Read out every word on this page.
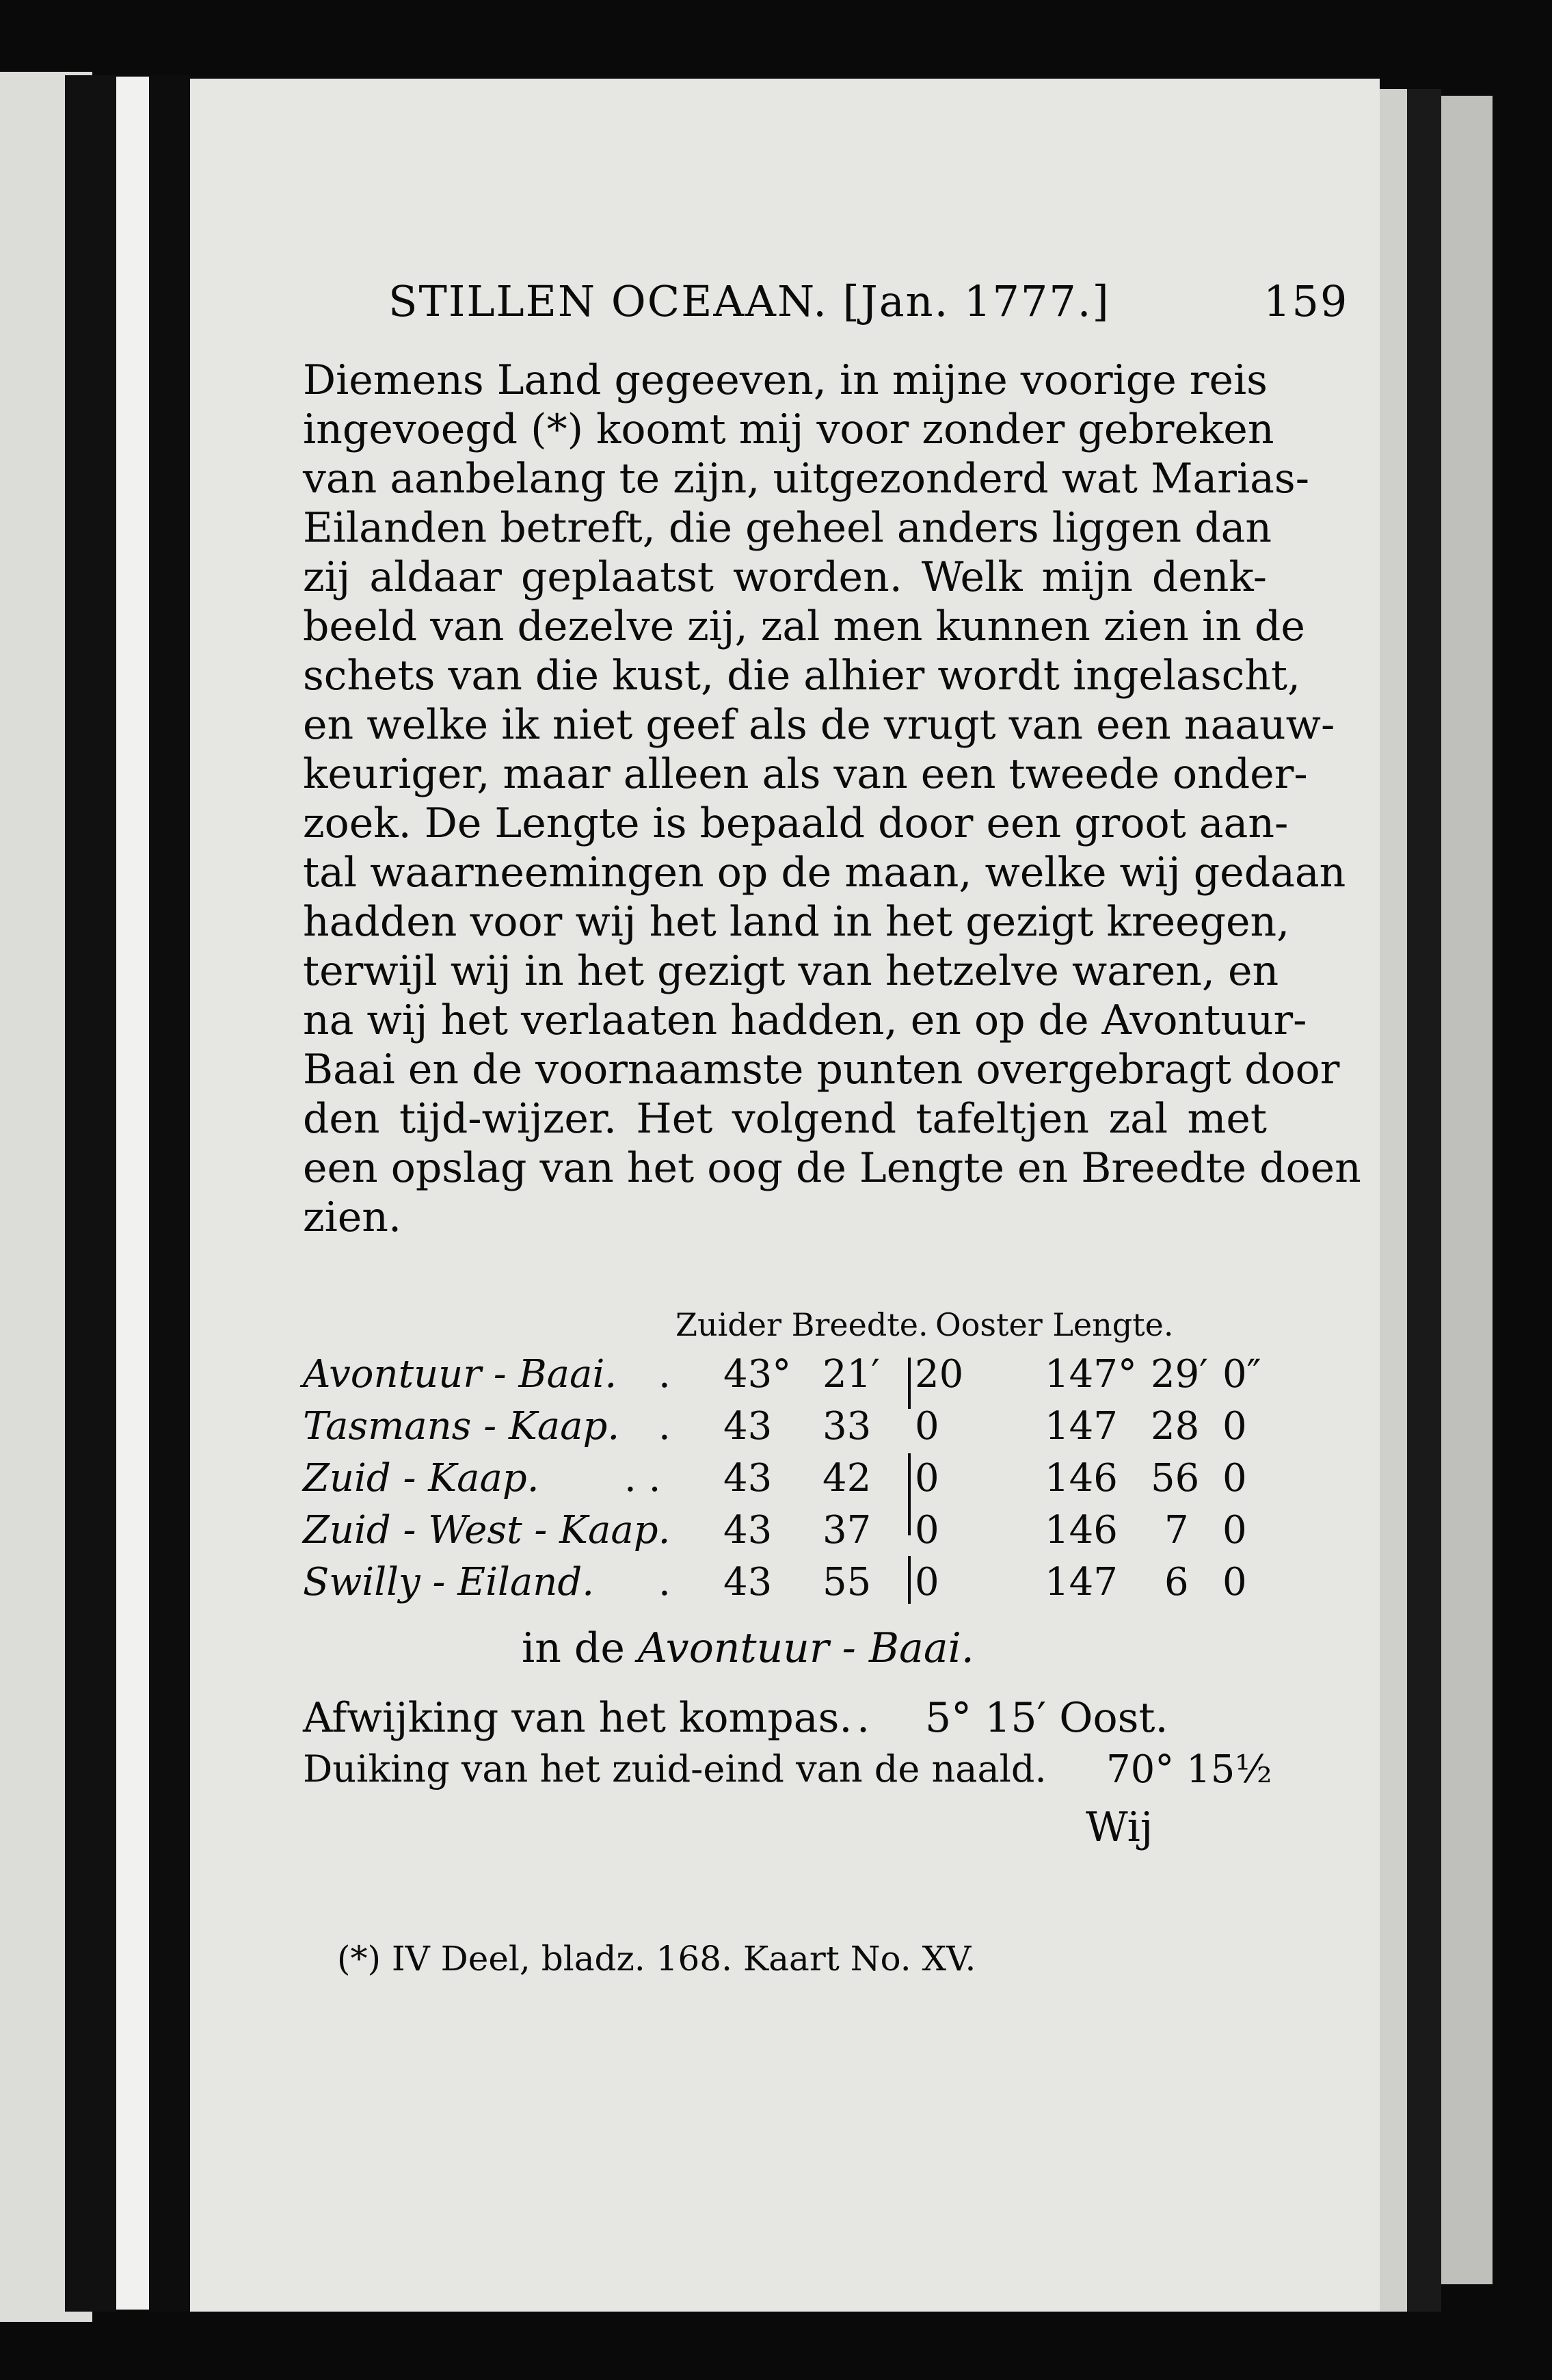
STILLEN OCEAAN. [Jan. 1777.]	159
Diemens Land gegeeven, in mijne voorige reis
ingevoegd (*) koomt mij voor zonder gebreken
van aanbelang te zijn, uitgezonderd wat Marias-
Eilanden betreft, die geheel anders liggen dan
zij aldaar geplaatst worden. Welk mijn denk-
beeld van dezelve zij, zal men kunnen zien in de
schets van die kust, die alhier wordt ingelascht,
en welke ik niet geef als de vrugt van een naauw-
keuriger, maar alleen als van een tweede onder-
zoek. De Lengte is bepaald door een groot aan-
tal waarneemingen op de maan, welke wij gedaan
hadden voor wij het land in het gezigt kreegen,
terwijl wij in het gezigt van hetzelve waren, en
na wij het verlaaten hadden, en op de Avontuur-
Baai en de voornaamste punten overgebragt door
den tijd-wijzer. Het volgend tafeltjen zal met
een opslag van het oog de Lengte en Breedte doen
zien.
Zuider Breedte. Ooster Lengte.
Avontuur - Baai. . 43° 21′ 20 147° 29′ 0″
Tasmans - Kaap. . 43 33 0	147 28 0
Zuid - Kaap. . . 43 42 0	146 56 0
Zuid - West - Kaap. 43 37 0	146 7 0
Swilly - Eiland. . 43 55 0	147 6 0
in de Avontuur - Baai.
Afwijking van het kompas. . 5° 15′ Oost.
Duiking van het zuid-eind van de naald. 70° 15½
Wij
(*) IV Deel, bladz. 168. Kaart No. XV.
